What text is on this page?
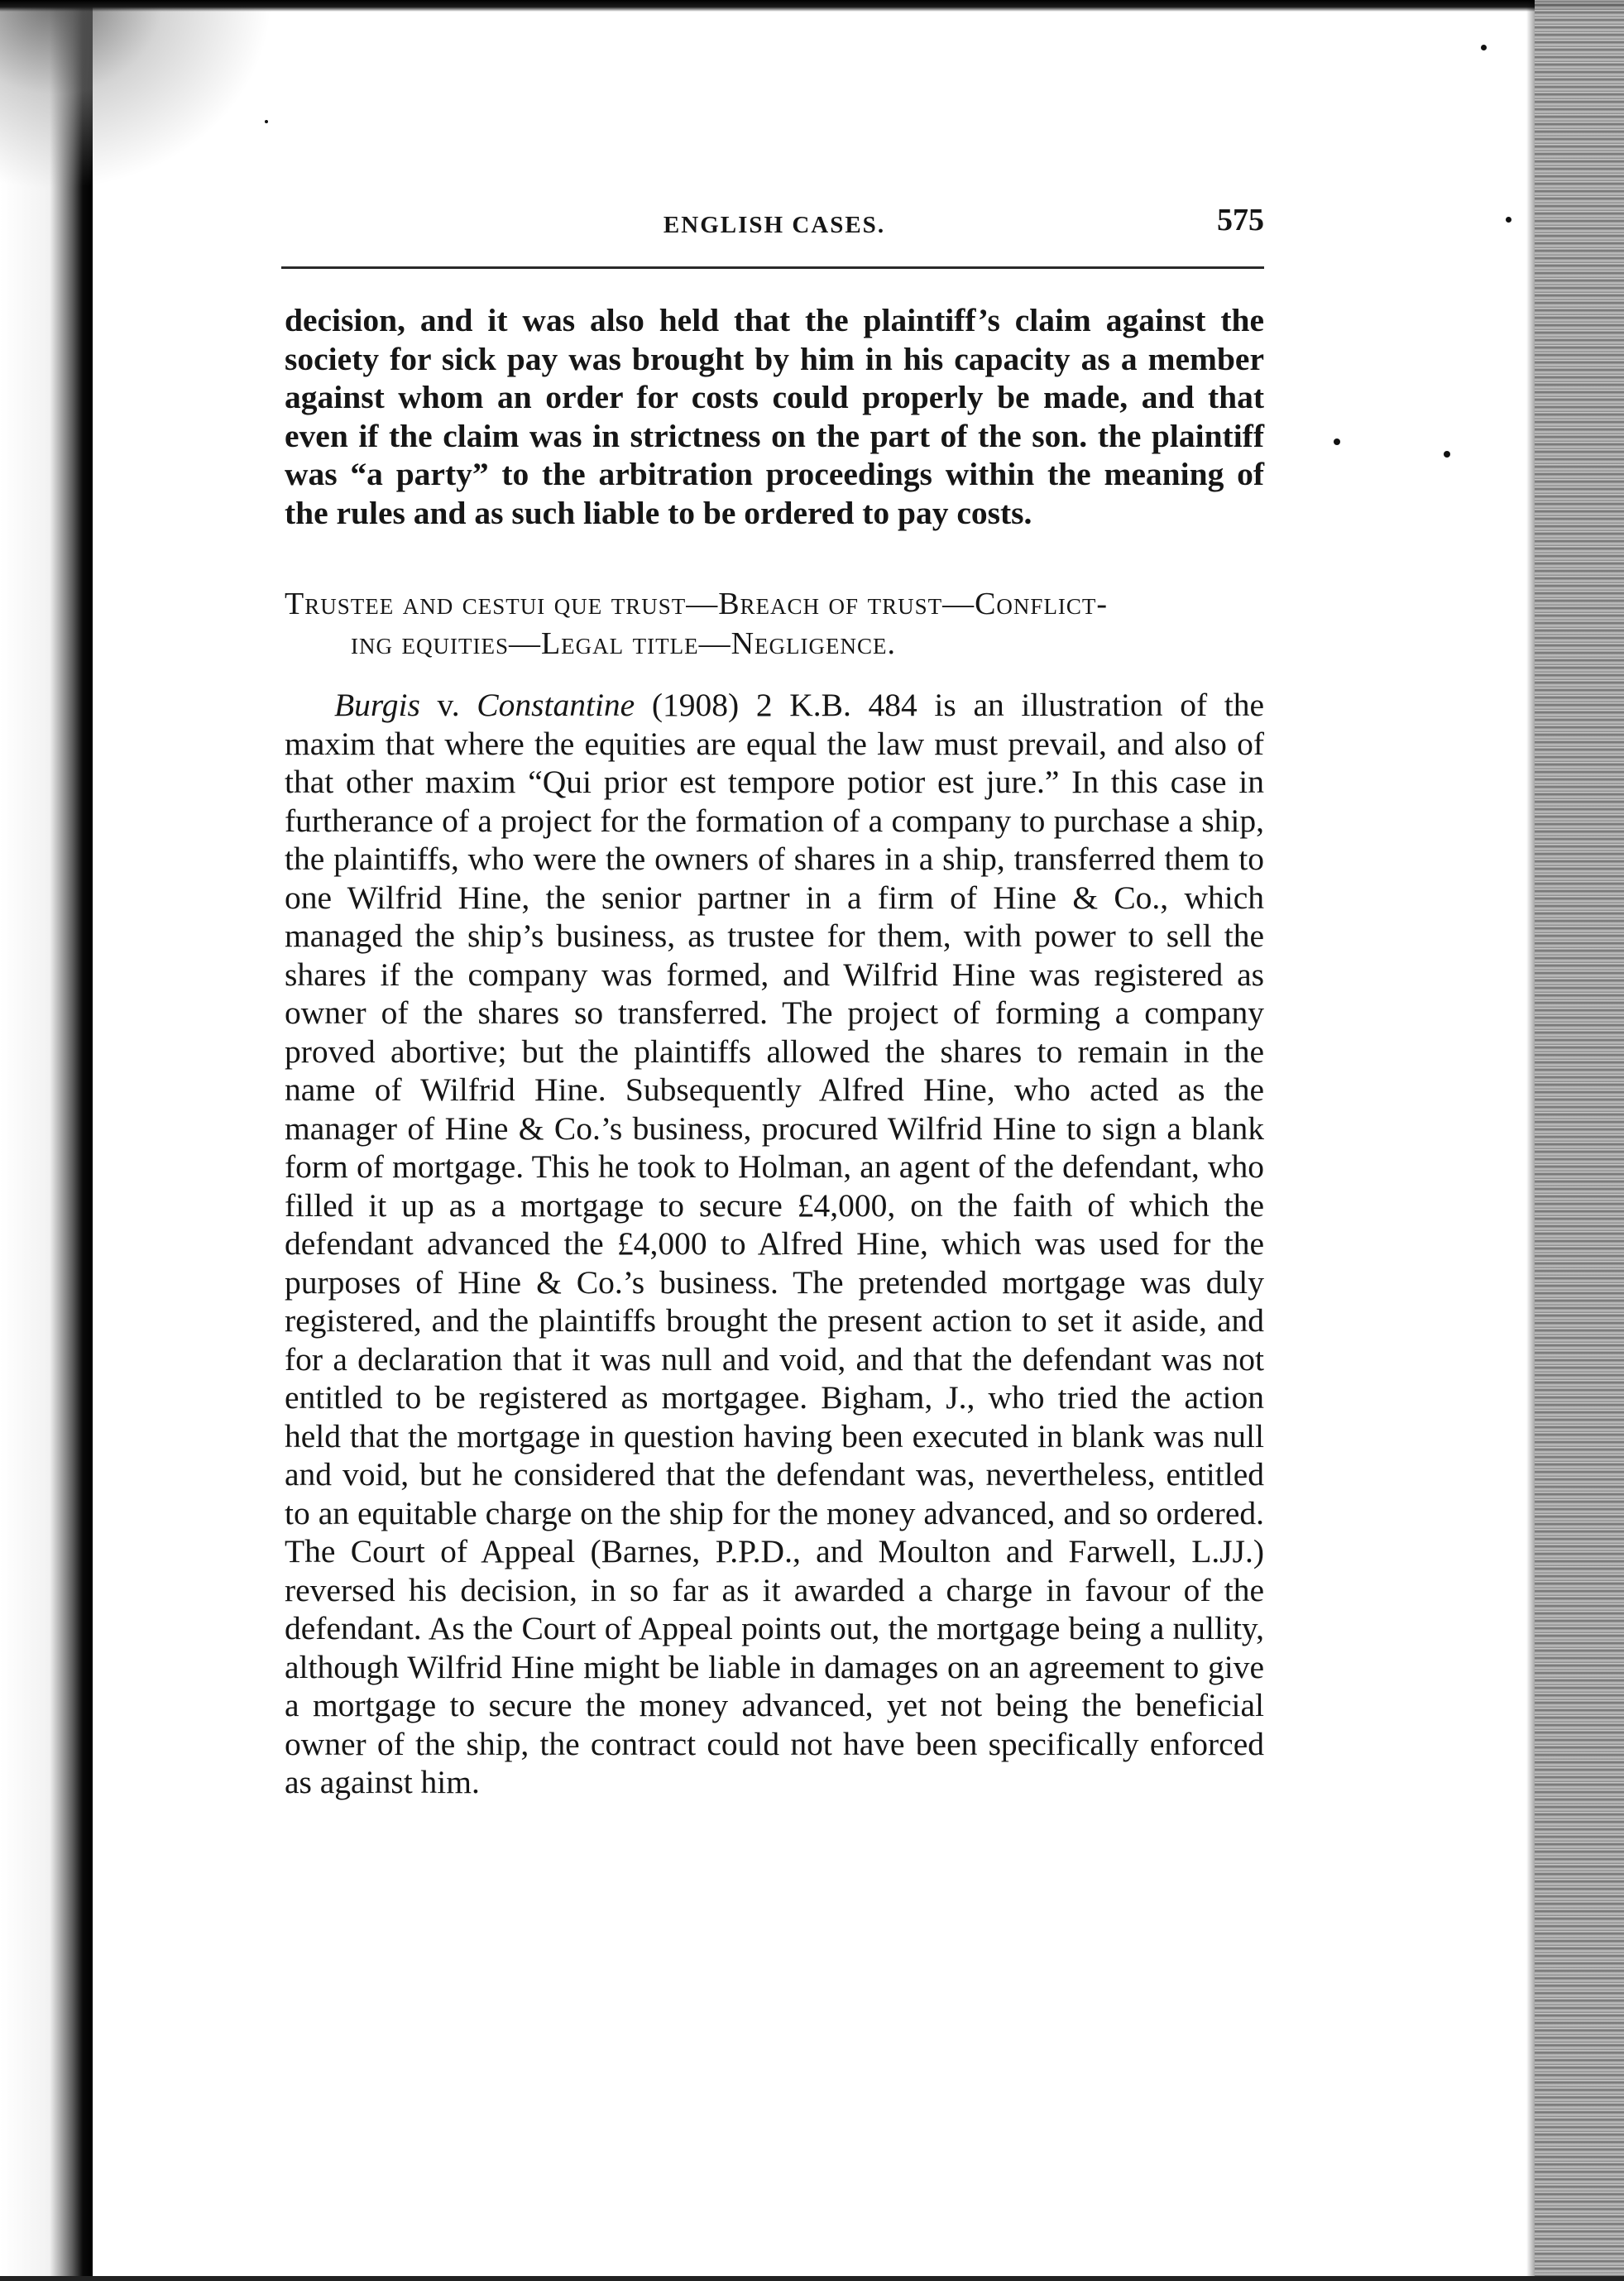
ENGLISH CASES.	575

decision, and it was also held that the plaintiff’s claim against the society for sick pay was brought by him in his capacity as a member against whom an order for costs could properly be made, and that even if the claim was in strictness on the part of the son. the plaintiff was “a party” to the arbitration proceedings within the meaning of the rules and as such liable to be ordered to pay costs.

Trustee and cestui que trust—Breach of trust—Conflict-
ing equities—Legal title—Negligence.

Burgis v. Constantine (1908) 2 K.B. 484 is an illustration of the maxim that where the equities are equal the law must prevail, and also of that other maxim “Qui prior est tempore potior est jure.” In this case in furtherance of a project for the formation of a company to purchase a ship, the plaintiffs, who were the owners of shares in a ship, transferred them to one Wilfrid Hine, the senior partner in a firm of Hine & Co., which managed the ship’s business, as trustee for them, with power to sell the shares if the company was formed, and Wilfrid Hine was registered as owner of the shares so transferred. The project of forming a company proved abortive; but the plaintiffs allowed the shares to remain in the name of Wilfrid Hine. Subsequently Alfred Hine, who acted as the manager of Hine & Co.’s business, procured Wilfrid Hine to sign a blank form of mortgage. This he took to Holman, an agent of the defendant, who filled it up as a mortgage to secure £4,000, on the faith of which the defendant advanced the £4,000 to Alfred Hine, which was used for the purposes of Hine & Co.’s business. The pretended mortgage was duly registered, and the plaintiffs brought the present action to set it aside, and for a declaration that it was null and void, and that the defendant was not entitled to be registered as mortgagee. Bigham, J., who tried the action held that the mortgage in question having been executed in blank was null and void, but he considered that the defendant was, nevertheless, entitled to an equitable charge on the ship for the money advanced, and so ordered. The Court of Appeal (Barnes, P.P.D., and Moulton and Farwell, L.JJ.) reversed his decision, in so far as it awarded a charge in favour of the defendant. As the Court of Appeal points out, the mortgage being a nullity, although Wilfrid Hine might be liable in damages on an agreement to give a mortgage to secure the money advanced, yet not being the beneficial owner of the ship, the contract could not have been specifically enforced as against him.
